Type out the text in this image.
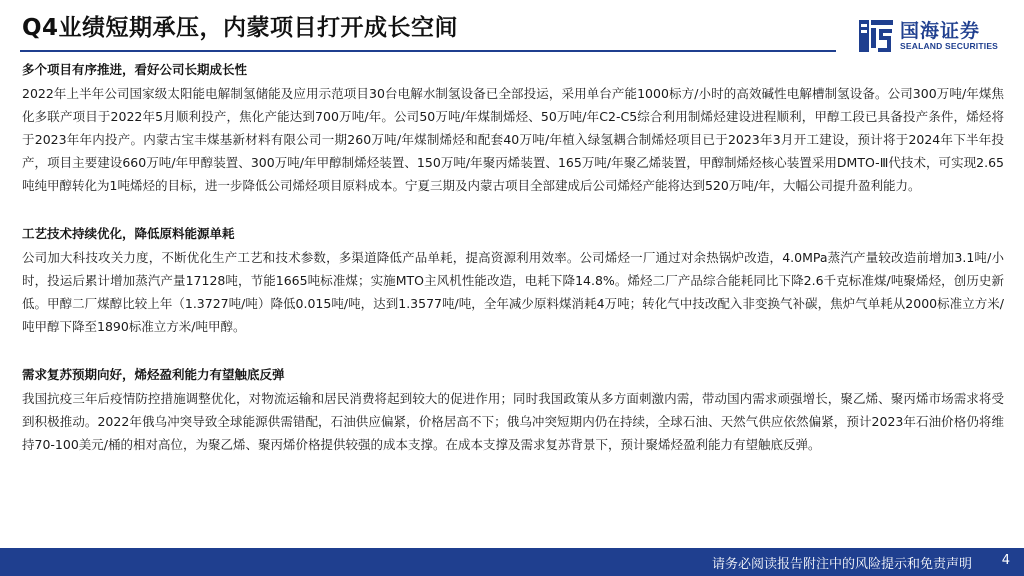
Q4业绩短期承压，内蒙项目打开成长空间	国海证券
SEALAND SECURITIES
多个项目有序推进，看好公司长期成长性
2022年上半年公司国家级太阳能电解制氢储能及应用示范项目30台电解水制氢设备已全部投运，采用单台产能1000标方/小时的高效碱性电解槽制氢设备。公司300万吨/年煤焦化多联产项目于2022年5月顺利投产，焦化产能达到700万吨/年。公司50万吨/年煤制烯烃、50万吨/年C2-C5综合利用制烯烃建设进程顺利，甲醇工段已具备投产条件，烯烃将于2023年年内投产。内蒙古宝丰煤基新材料有限公司一期260万吨/年煤制烯烃和配套40万吨/年植入绿氢耦合制烯烃项目已于2023年3月开工建设，预计将于2024年下半年投产，项目主要建设660万吨/年甲醇装置、300万吨/年甲醇制烯烃装置、150万吨/年聚丙烯装置、165万吨/年聚乙烯装置，甲醇制烯烃核心装置采用DMTO-Ⅲ代技术，可实现2.65吨纯甲醇转化为1吨烯烃的目标，进一步降低公司烯烃项目原料成本。宁夏三期及内蒙古项目全部建成后公司烯烃产能将达到520万吨/年，大幅公司提升盈利能力。
工艺技术持续优化，降低原料能源单耗
公司加大科技攻关力度，不断优化生产工艺和技术参数，多渠道降低产品单耗，提高资源利用效率。公司烯烃一厂通过对余热锅炉改造，4.0MPa蒸汽产量较改造前增加3.1吨/小时，投运后累计增加蒸汽产量17128吨，节能1665吨标准煤；实施MTO主风机性能改造，电耗下降14.8%。烯烃二厂产品综合能耗同比下降2.6千克标准煤/吨聚烯烃，创历史新低。甲醇二厂煤醇比较上年（1.3727吨/吨）降低0.015吨/吨，达到1.3577吨/吨，全年减少原料煤消耗4万吨；转化气中技改配入非变换气补碳，焦炉气单耗从2000标准立方米/吨甲醇下降至1890标准立方米/吨甲醇。
需求复苏预期向好，烯烃盈利能力有望触底反弹
我国抗疫三年后疫情防控措施调整优化，对物流运输和居民消费将起到较大的促进作用；同时我国政策从多方面刺激内需，带动国内需求顽强增长，聚乙烯、聚丙烯市场需求将受到积极推动。2022年俄乌冲突导致全球能源供需错配，石油供应偏紧，价格居高不下；俄乌冲突短期内仍在持续，全球石油、天然气供应依然偏紧，预计2023年石油价格仍将维持70-100美元/桶的相对高位，为聚乙烯、聚丙烯价格提供较强的成本支撑。在成本支撑及需求复苏背景下，预计聚烯烃盈利能力有望触底反弹。
请务必阅读报告附注中的风险提示和免责声明 4
